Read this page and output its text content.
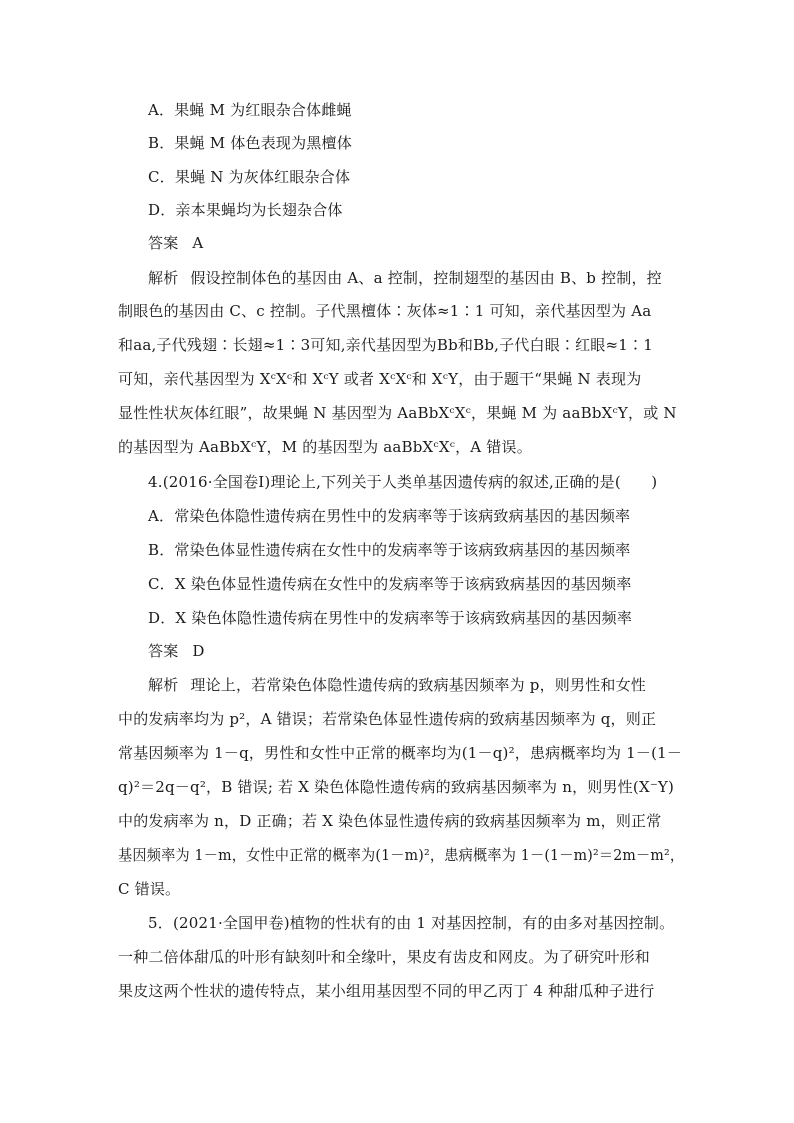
A．果蝇 M 为红眼杂合体雌蝇
B．果蝇 M 体色表现为黑檀体
C．果蝇 N 为灰体红眼杂合体
D．亲本果蝇均为长翅杂合体
答案 A
解析 假设控制体色的基因由 A、a 控制，控制翅型的基因由 B、b 控制，控
制眼色的基因由 C、c 控制。子代黑檀体∶灰体≈1∶1 可知，亲代基因型为 Aa
和aa,子代残翅∶长翅≈1∶3可知,亲代基因型为Bb和Bb,子代白眼∶红眼≈1∶1
可知，亲代基因型为 XᶜXᶜ和 XᶜY 或者 XᶜXᶜ和 XᶜY，由于题干“果蝇 N 表现为
显性性状灰体红眼”，故果蝇 N 基因型为 AaBbXᶜXᶜ，果蝇 M 为 aaBbXᶜY，或 N
的基因型为 AaBbXᶜY，M 的基因型为 aaBbXᶜXᶜ，A 错误。
4.(2016·全国卷Ⅰ)理论上,下列关于人类单基因遗传病的叙述,正确的是(　　)
A．常染色体隐性遗传病在男性中的发病率等于该病致病基因的基因频率
B．常染色体显性遗传病在女性中的发病率等于该病致病基因的基因频率
C．X 染色体显性遗传病在女性中的发病率等于该病致病基因的基因频率
D．X 染色体隐性遗传病在男性中的发病率等于该病致病基因的基因频率
答案 D
解析 理论上，若常染色体隐性遗传病的致病基因频率为 p，则男性和女性
中的发病率均为 p²，A 错误；若常染色体显性遗传病的致病基因频率为 q，则正
常基因频率为 1－q，男性和女性中正常的概率均为(1－q)²，患病概率均为 1－(1－
q)²＝2q－q²，B 错误; 若 X 染色体隐性遗传病的致病基因频率为 n，则男性(X⁻Y)
中的发病率为 n，D 正确；若 X 染色体显性遗传病的致病基因频率为 m，则正常
基因频率为 1－m，女性中正常的概率为(1－m)²，患病概率为 1－(1－m)²＝2m－m²，
C 错误。
5．(2021·全国甲卷)植物的性状有的由 1 对基因控制，有的由多对基因控制。
一种二倍体甜瓜的叶形有缺刻叶和全缘叶，果皮有齿皮和网皮。为了研究叶形和
果皮这两个性状的遗传特点，某小组用基因型不同的甲乙丙丁 4 种甜瓜种子进行
